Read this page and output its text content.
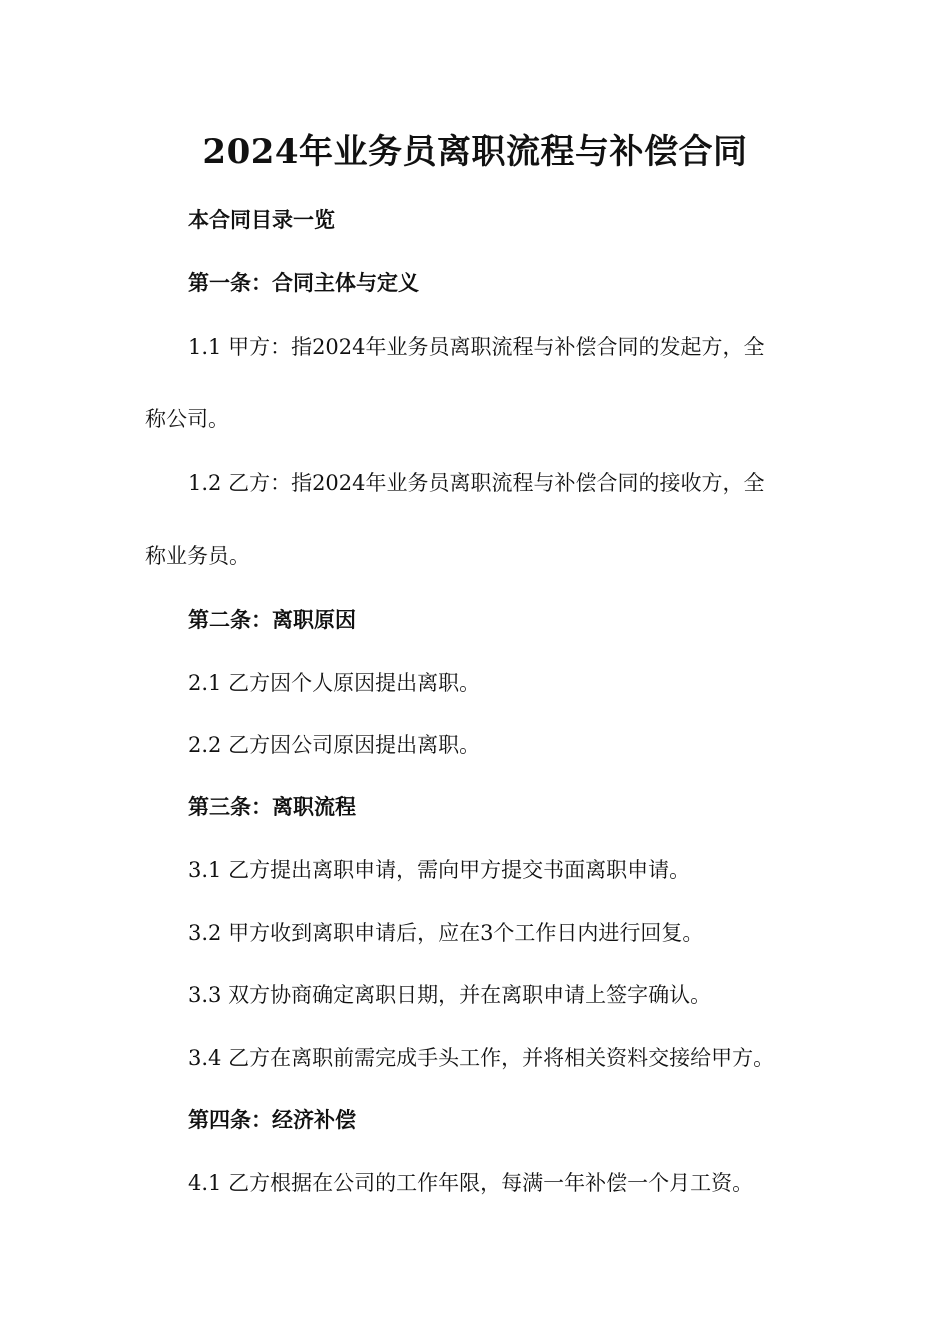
2024年业务员离职流程与补偿合同
本合同目录一览
第一条：合同主体与定义
1.1 甲方：指2024年业务员离职流程与补偿合同的发起方，全
称公司。
1.2 乙方：指2024年业务员离职流程与补偿合同的接收方，全
称业务员。
第二条：离职原因
2.1 乙方因个人原因提出离职。
2.2 乙方因公司原因提出离职。
第三条：离职流程
3.1 乙方提出离职申请，需向甲方提交书面离职申请。
3.2 甲方收到离职申请后，应在3个工作日内进行回复。
3.3 双方协商确定离职日期，并在离职申请上签字确认。
3.4 乙方在离职前需完成手头工作，并将相关资料交接给甲方。
第四条：经济补偿
4.1 乙方根据在公司的工作年限，每满一年补偿一个月工资。
